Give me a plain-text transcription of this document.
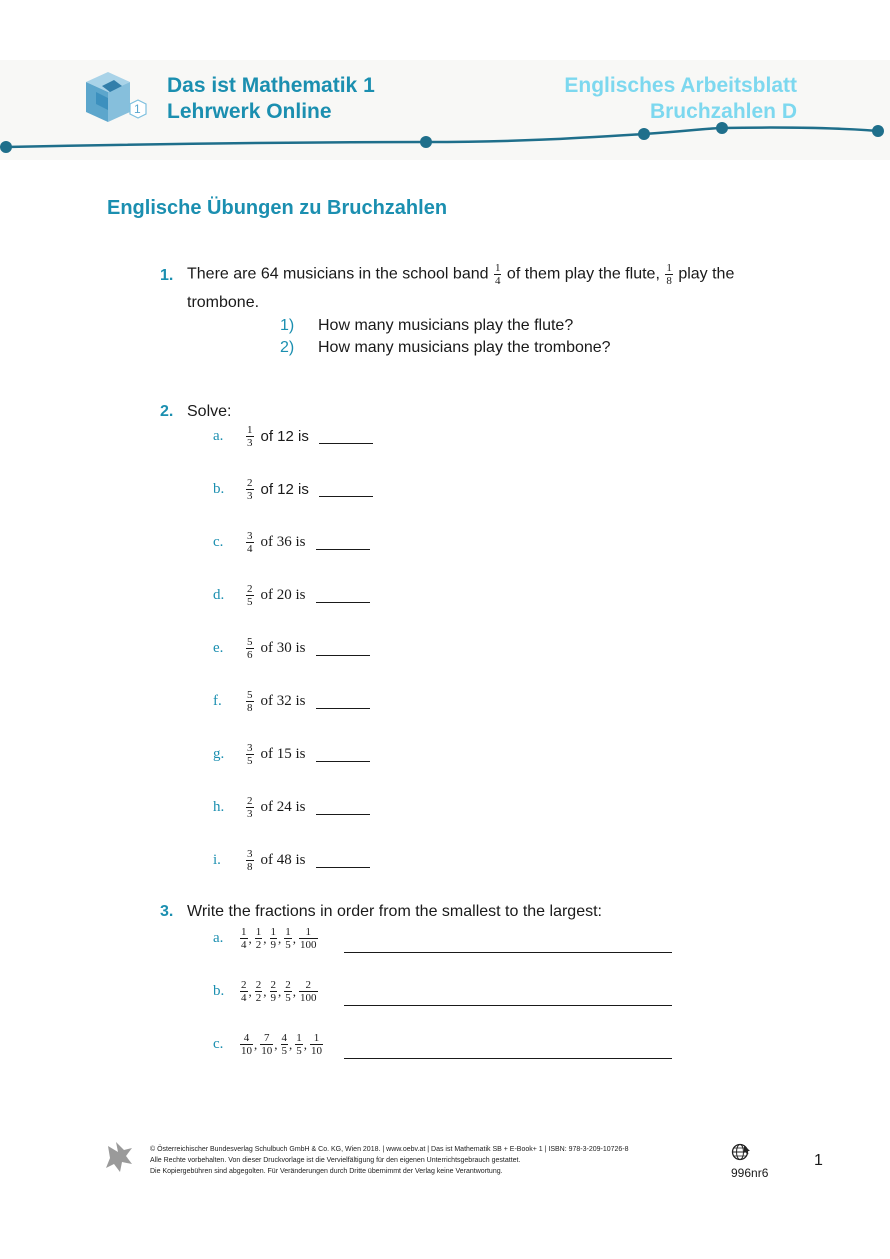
1
Das ist Mathematik 1
Lehrwerk Online
Englisches Arbeitsblatt
Bruchzahlen D
Englische Übungen zu Bruchzahlen
1. There are 64 musicians in the school band $\frac{1}{4}$ of them play the flute, $\frac{1}{8}$ play the
trombone.
1) How many musicians play the flute?
2) How many musicians play the trombone?
2. Solve:
a.	$\frac{1}{3}$ of 12 is
b.	$\frac{2}{3}$ of 12 is
c.	$\frac{3}{4}$ of 36 is
d.	$\frac{2}{5}$ of 20 is
e.	$\frac{5}{6}$ of 30 is
f.	$\frac{5}{8}$ of 32 is
g.	$\frac{3}{5}$ of 15 is
h.	$\frac{2}{3}$ of 24 is
i.	$\frac{3}{8}$ of 48 is
3. Write the fractions in order from the smallest to the largest:
a.	$\frac{1}{4}$ , $\frac{1}{2}$ , $\frac{1}{9}$ , $\frac{1}{5}$ , $\frac{1}{100}$
b.	$\frac{2}{4}$ , $\frac{2}{2}$ , $\frac{2}{9}$ , $\frac{2}{5}$ , $\frac{2}{100}$
c.	$\frac{4}{10}$ , $\frac{7}{10}$ , $\frac{4}{5}$ , $\frac{1}{5}$ , $\frac{1}{10}$
© Österreichischer Bundesverlag Schulbuch GmbH & Co. KG, Wien 2018. | www.oebv.at | Das ist Mathematik SB + E-Book+ 1 | ISBN: 978-3-209-10726-8
Alle Rechte vorbehalten. Von dieser Druckvorlage ist die Vervielfältigung für den eigenen Unterrichtsgebrauch gestattet.
Die Kopiergebühren sind abgegolten. Für Veränderungen durch Dritte übernimmt der Verlag keine Verantwortung.	996nr6
1
